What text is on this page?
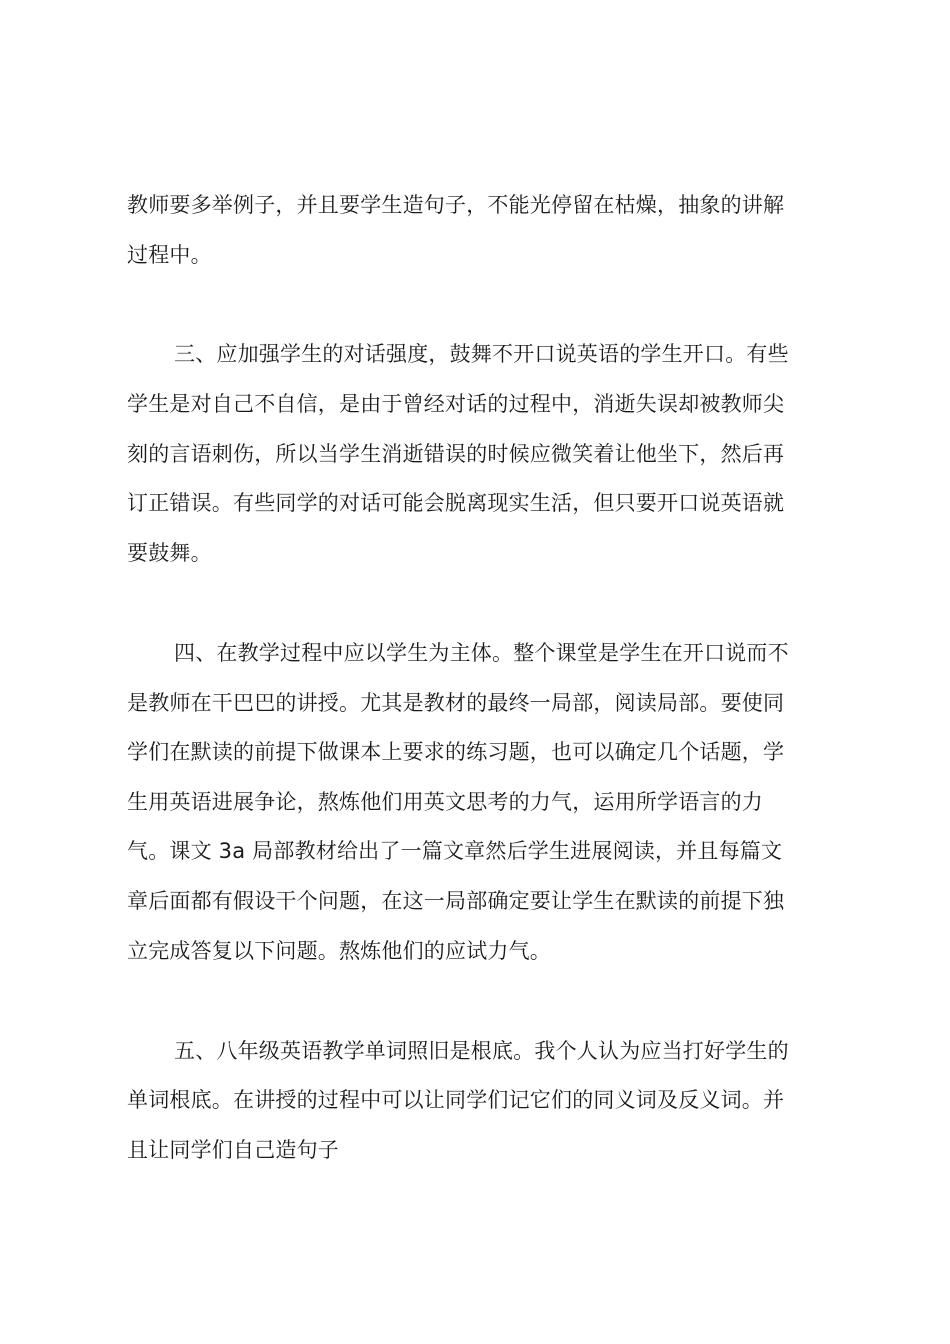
教师要多举例子，并且要学生造句子，不能光停留在枯燥，抽象的讲解
过程中。
三、应加强学生的对话强度，鼓舞不开口说英语的学生开口。有些
学生是对自己不自信，是由于曾经对话的过程中，消逝失误却被教师尖
刻的言语刺伤，所以当学生消逝错误的时候应微笑着让他坐下，然后再
订正错误。有些同学的对话可能会脱离现实生活，但只要开口说英语就
要鼓舞。
四、在教学过程中应以学生为主体。整个课堂是学生在开口说而不
是教师在干巴巴的讲授。尤其是教材的最终一局部，阅读局部。要使同
学们在默读的前提下做课本上要求的练习题，也可以确定几个话题，学
生用英语进展争论，熬炼他们用英文思考的力气，运用所学语言的力
气。课文 3a 局部教材给出了一篇文章然后学生进展阅读，并且每篇文
章后面都有假设干个问题，在这一局部确定要让学生在默读的前提下独
立完成答复以下问题。熬炼他们的应试力气。
五、八年级英语教学单词照旧是根底。我个人认为应当打好学生的
单词根底。在讲授的过程中可以让同学们记它们的同义词及反义词。并
且让同学们自己造句子
